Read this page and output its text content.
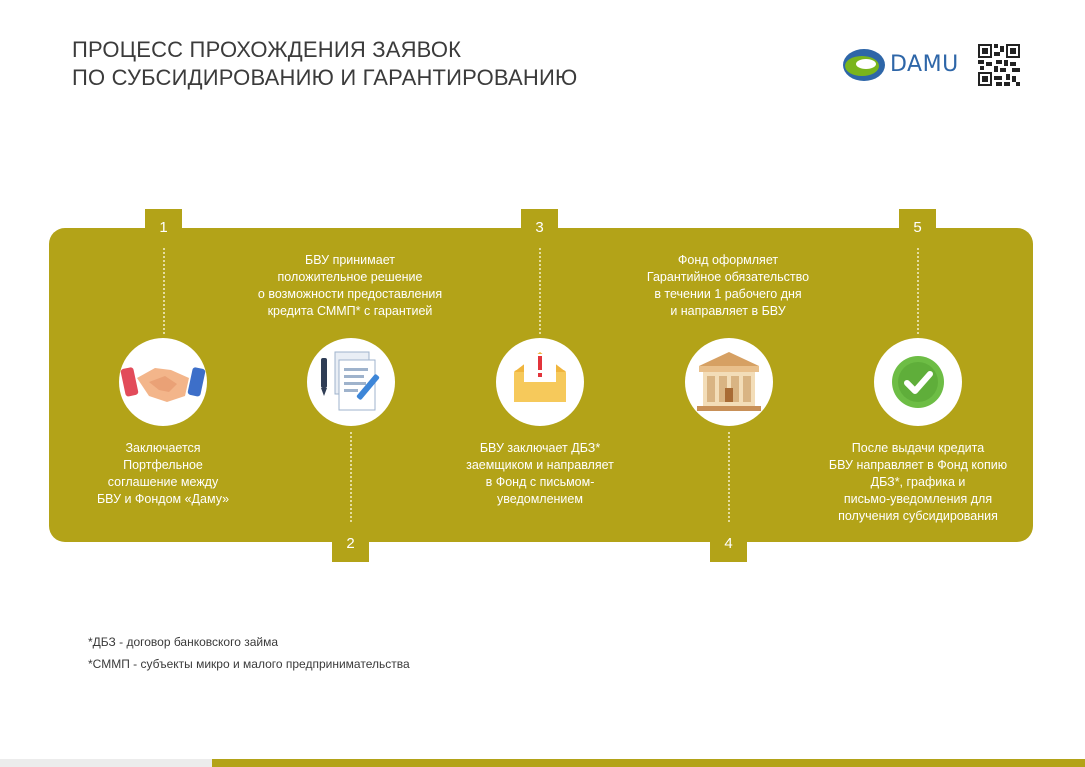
ПРОЦЕСС ПРОХОЖДЕНИЯ ЗАЯВОК
ПО СУБСИДИРОВАНИЮ И ГАРАНТИРОВАНИЮ
DAMU
1
Заключается
Портфельное
соглашение между
БВУ и Фондом «Даму»
БВУ принимает
положительное решение
о возможности предоставления
кредита СММП* с гарантией
2
3
БВУ заключает ДБЗ*
заемщиком и направляет
в Фонд с письмом-
уведомлением
Фонд оформляет
Гарантийное обязательство
в течении 1 рабочего дня
и направляет в БВУ
4
5
После выдачи кредита
БВУ направляет в Фонд копию
ДБЗ*, графика и
письмо-уведомления для
получения субсидирования
*ДБЗ - договор банковского займа
*СММП - субъекты микро и малого предпринимательства
